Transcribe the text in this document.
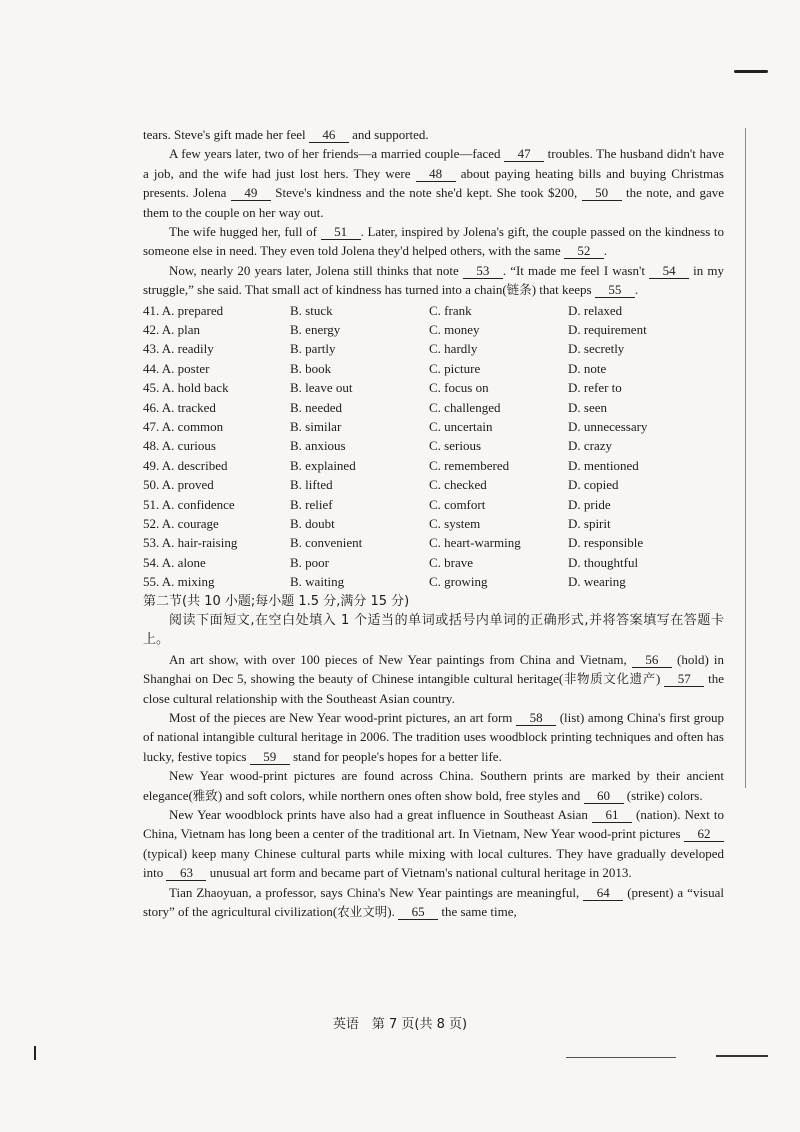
tears. Steve's gift made her feel 46 and supported.

A few years later, two of her friends—a married couple—faced 47 troubles. The husband didn't have a job, and the wife had just lost hers. They were 48 about paying heating bills and buying Christmas presents. Jolena 49 Steve's kindness and the note she'd kept. She took $200, 50 the note, and gave them to the couple on her way out.

The wife hugged her, full of 51 . Later, inspired by Jolena's gift, the couple passed on the kindness to someone else in need. They even told Jolena they'd helped others, with the same 52 .

Now, nearly 20 years later, Jolena still thinks that note 53 . “It made me feel I wasn't 54 in my struggle,” she said. That small act of kindness has turned into a chain(链条) that keeps 55 .

41. A. prepared	B. stuck	C. frank	D. relaxed
42. A. plan	B. energy	C. money	D. requirement
43. A. readily	B. partly	C. hardly	D. secretly
44. A. poster	B. book	C. picture	D. note
45. A. hold back	B. leave out	C. focus on	D. refer to
46. A. tracked	B. needed	C. challenged	D. seen
47. A. common	B. similar	C. uncertain	D. unnecessary
48. A. curious	B. anxious	C. serious	D. crazy
49. A. described	B. explained	C. remembered	D. mentioned
50. A. proved	B. lifted	C. checked	D. copied
51. A. confidence	B. relief	C. comfort	D. pride
52. A. courage	B. doubt	C. system	D. spirit
53. A. hair-raising	B. convenient	C. heart-warming	D. responsible
54. A. alone	B. poor	C. brave	D. thoughtful
55. A. mixing	B. waiting	C. growing	D. wearing

第二节(共 10 小题;每小题 1.5 分,满分 15 分)

阅读下面短文,在空白处填入 1 个适当的单词或括号内单词的正确形式,并将答案填写在答题卡上。

An art show, with over 100 pieces of New Year paintings from China and Vietnam, 56 (hold) in Shanghai on Dec 5, showing the beauty of Chinese intangible cultural heritage(非物质文化遗产) 57 the close cultural relationship with the Southeast Asian country.

Most of the pieces are New Year wood-print pictures, an art form 58 (list) among China's first group of national intangible cultural heritage in 2006. The tradition uses woodblock printing techniques and often has lucky, festive topics 59 stand for people's hopes for a better life.

New Year wood-print pictures are found across China. Southern prints are marked by their ancient elegance(雅致) and soft colors, while northern ones often show bold, free styles and 60 (strike) colors.

New Year woodblock prints have also had a great influence in Southeast Asian 61 (nation). Next to China, Vietnam has long been a center of the traditional art. In Vietnam, New Year wood-print pictures 62 (typical) keep many Chinese cultural parts while mixing with local cultures. They have gradually developed into 63 unusual art form and became part of Vietnam's national cultural heritage in 2013.

Tian Zhaoyuan, a professor, says China's New Year paintings are meaningful, 64 (present) a “visual story” of the agricultural civilization(农业文明). 65 the same time,

英语　第 7 页(共 8 页)
